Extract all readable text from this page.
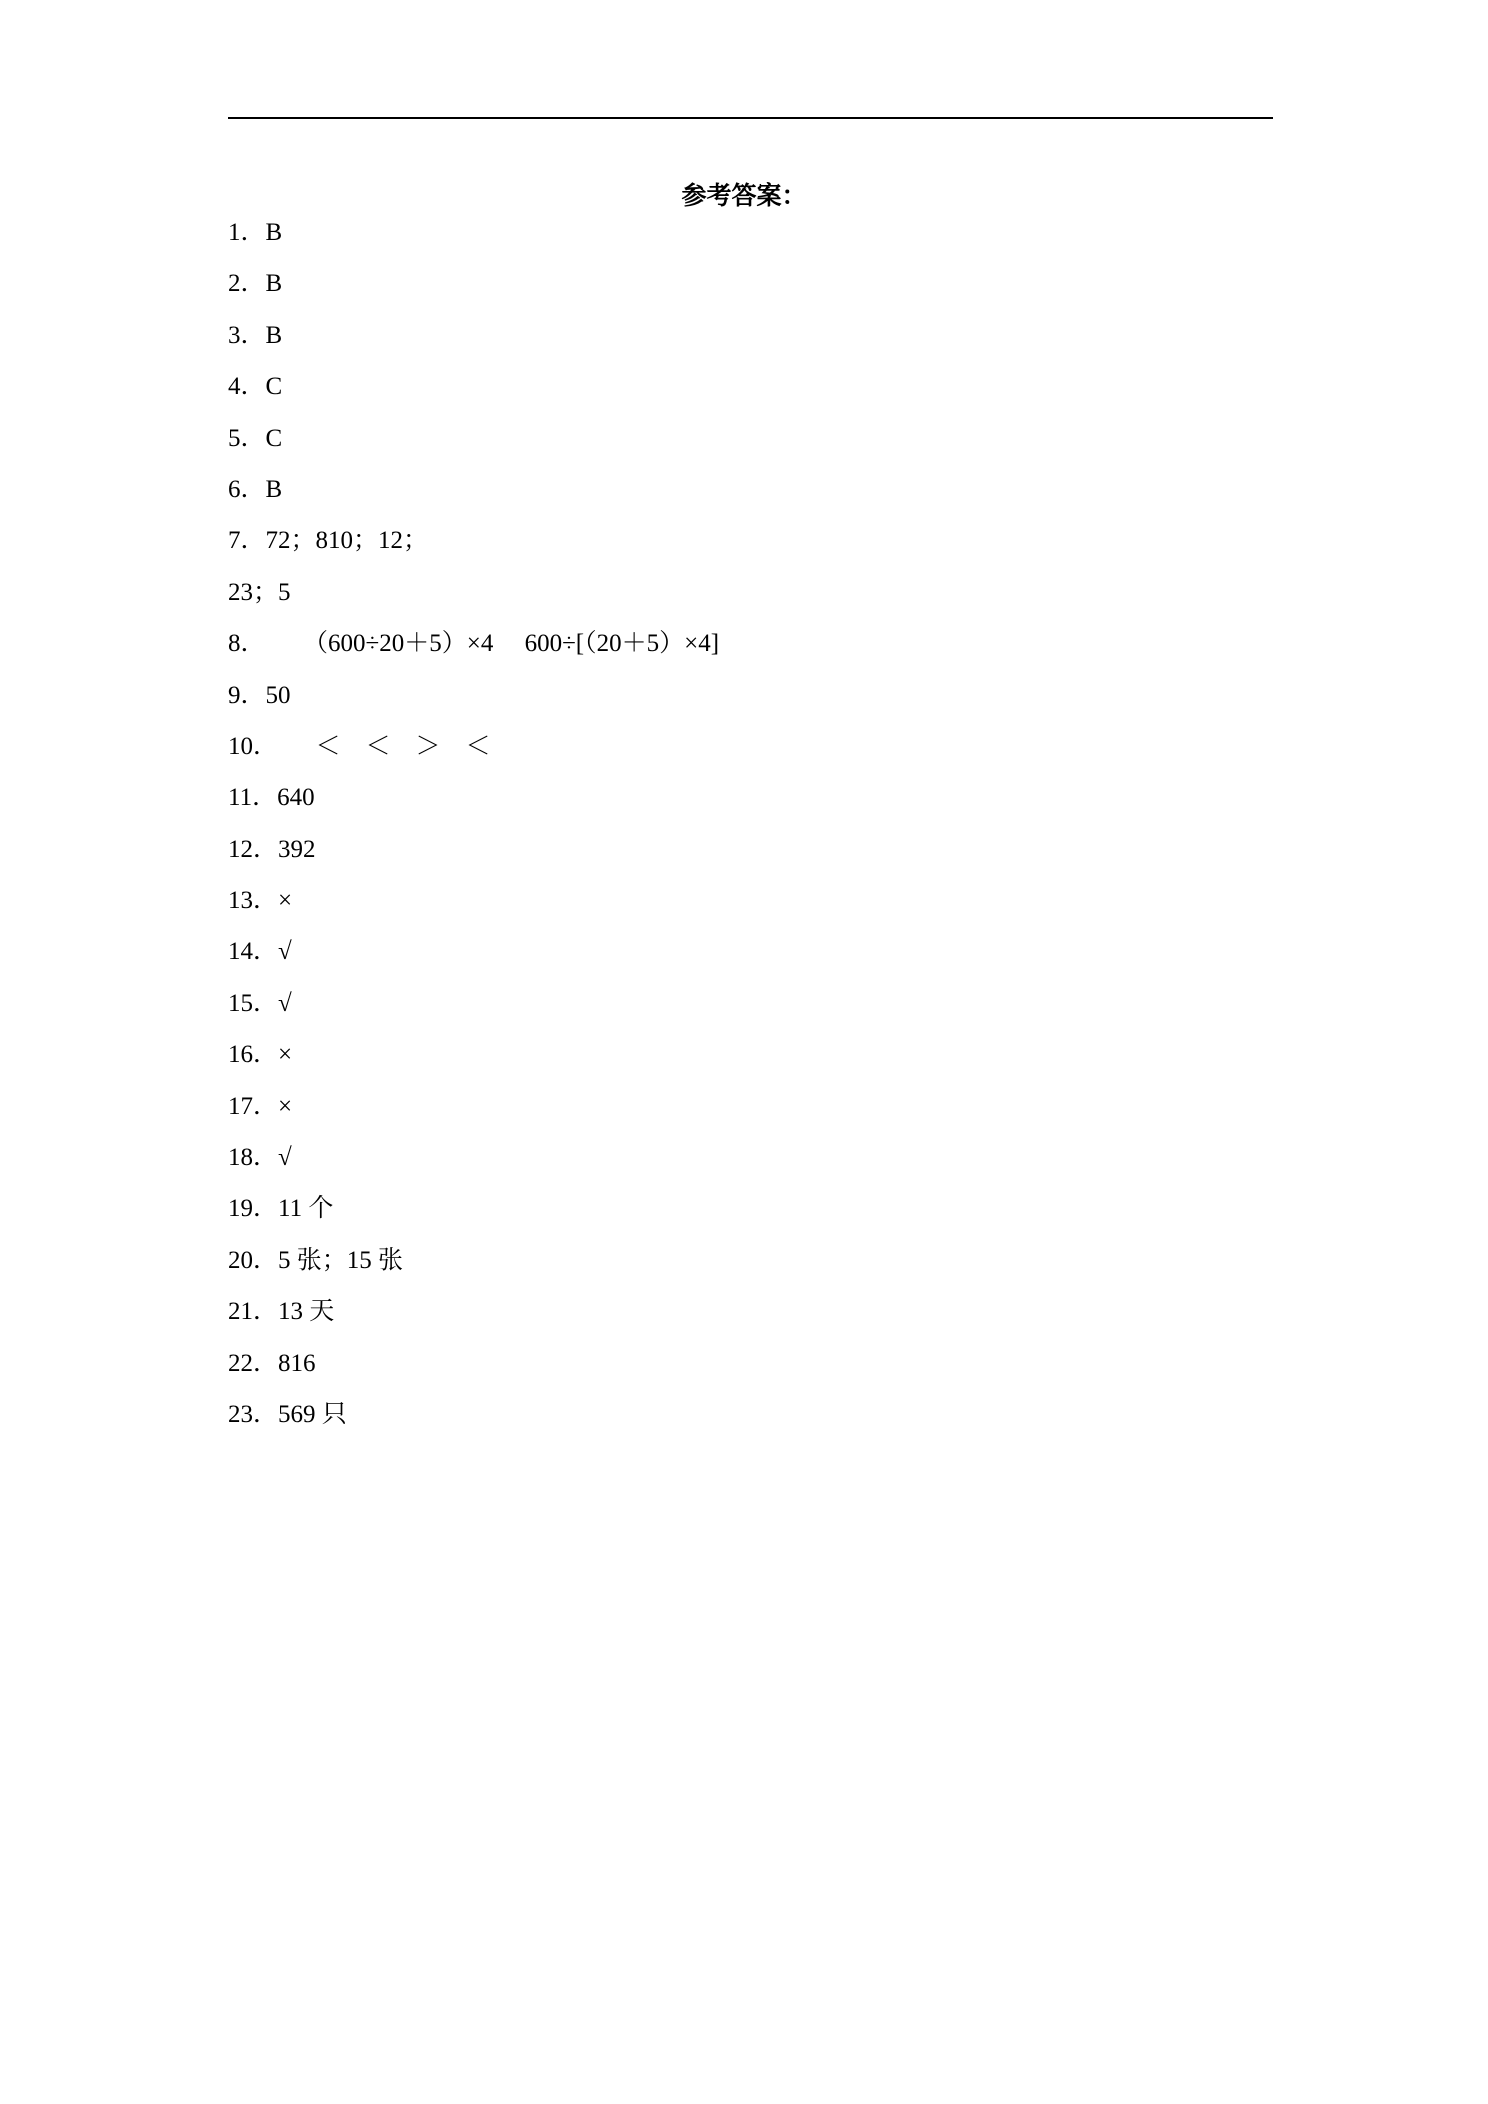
参考答案：
1．B
2．B
3．B
4．C
5．C
6．B
7．72；810；12；
23；5
8．      （600÷20＋5）×4     600÷[（20＋5）×4]
9．50
10．      ＜    ＜    ＞    ＜
11．640
12．392
13．×
14．√
15．√
16．×
17．×
18．√
19．11 个
20．5 张；15 张
21．13 天
22．816
23．569 只
